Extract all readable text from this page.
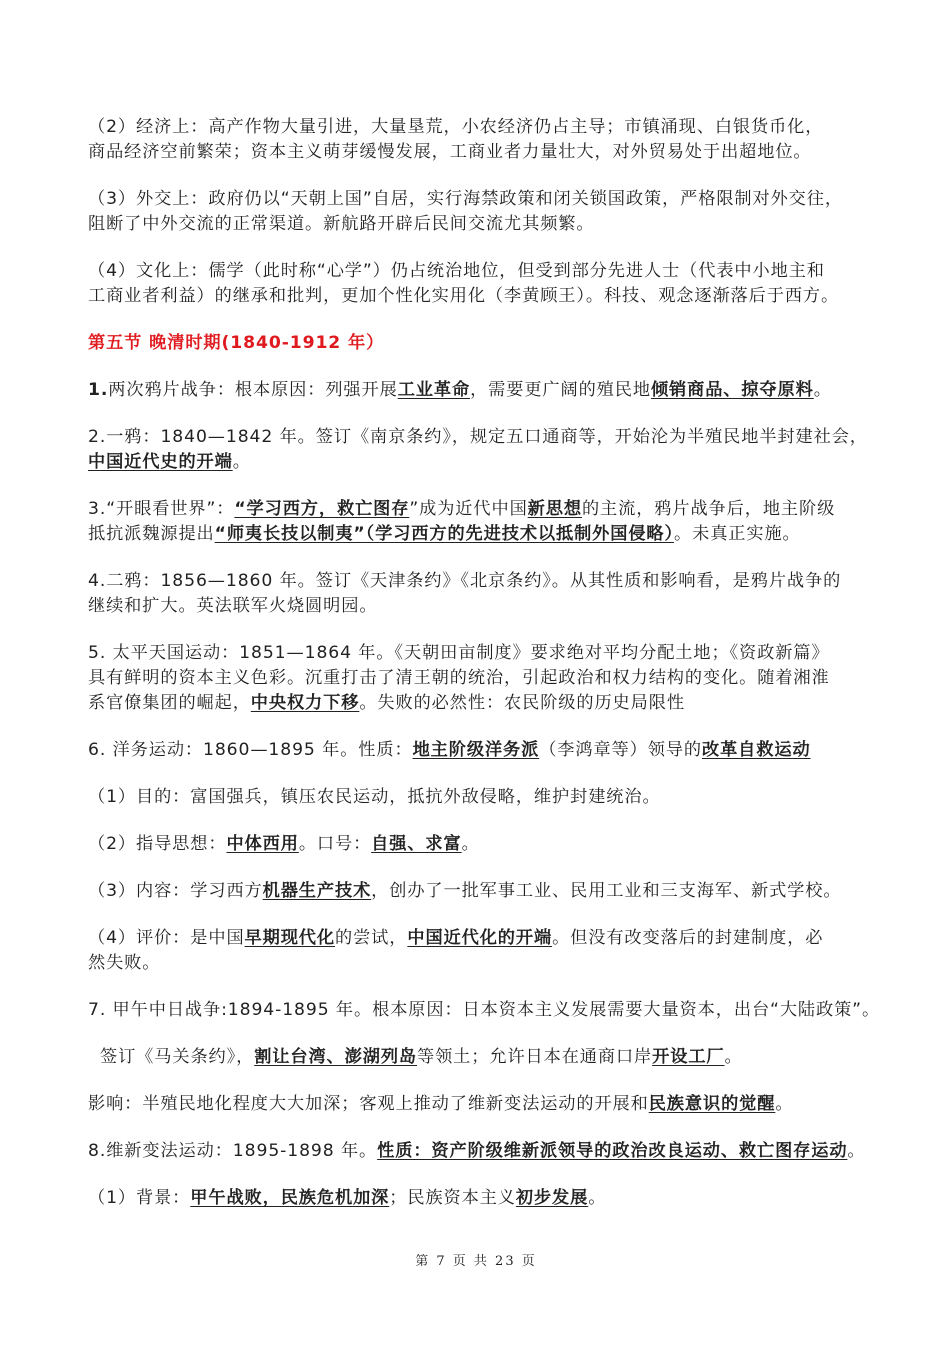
（2）经济上：高产作物大量引进，大量垦荒，小农经济仍占主导；市镇涌现、白银货币化，
商品经济空前繁荣；资本主义萌芽缓慢发展，工商业者力量壮大，对外贸易处于出超地位。
（3）外交上：政府仍以“天朝上国”自居，实行海禁政策和闭关锁国政策，严格限制对外交往，
阻断了中外交流的正常渠道。新航路开辟后民间交流尤其频繁。
（4）文化上：儒学（此时称“心学”）仍占统治地位，但受到部分先进人士（代表中小地主和
工商业者利益）的继承和批判，更加个性化实用化（李黄顾王）。科技、观念逐渐落后于西方。
第五节 晚清时期(1840-1912 年）
1.两次鸦片战争：根本原因：列强开展工业革命，需要更广阔的殖民地倾销商品、掠夺原料。
2.一鸦：1840—1842 年。签订《南京条约》，规定五口通商等，开始沦为半殖民地半封建社会，
中国近代史的开端。
3.“开眼看世界”：“学习西方，救亡图存”成为近代中国新思想的主流，鸦片战争后，地主阶级
抵抗派魏源提出“师夷长技以制夷”（学习西方的先进技术以抵制外国侵略）。未真正实施。
4.二鸦：1856—1860 年。签订《天津条约》《北京条约》。从其性质和影响看，是鸦片战争的
继续和扩大。英法联军火烧圆明园。
5. 太平天国运动：1851—1864 年。《天朝田亩制度》要求绝对平均分配土地；《资政新篇》
具有鲜明的资本主义色彩。沉重打击了清王朝的统治，引起政治和权力结构的变化。随着湘淮
系官僚集团的崛起，中央权力下移。失败的必然性：农民阶级的历史局限性
6. 洋务运动：1860—1895 年。性质：地主阶级洋务派（李鸿章等）领导的改革自救运动
（1）目的：富国强兵，镇压农民运动，抵抗外敌侵略，维护封建统治。
（2）指导思想：中体西用。口号：自强、求富。
（3）内容：学习西方机器生产技术，创办了一批军事工业、民用工业和三支海军、新式学校。
（4）评价：是中国早期现代化的尝试，中国近代化的开端。但没有改变落后的封建制度，必
然失败。
7. 甲午中日战争:1894-1895 年。根本原因：日本资本主义发展需要大量资本，出台“大陆政策”。
签订《马关条约》，割让台湾、澎湖列岛等领土；允许日本在通商口岸开设工厂。
影响：半殖民地化程度大大加深；客观上推动了维新变法运动的开展和民族意识的觉醒。
8.维新变法运动：1895-1898 年。性质：资产阶级维新派领导的政治改良运动、救亡图存运动。
（1）背景：甲午战败，民族危机加深；民族资本主义初步发展。
第 7 页 共 23 页
